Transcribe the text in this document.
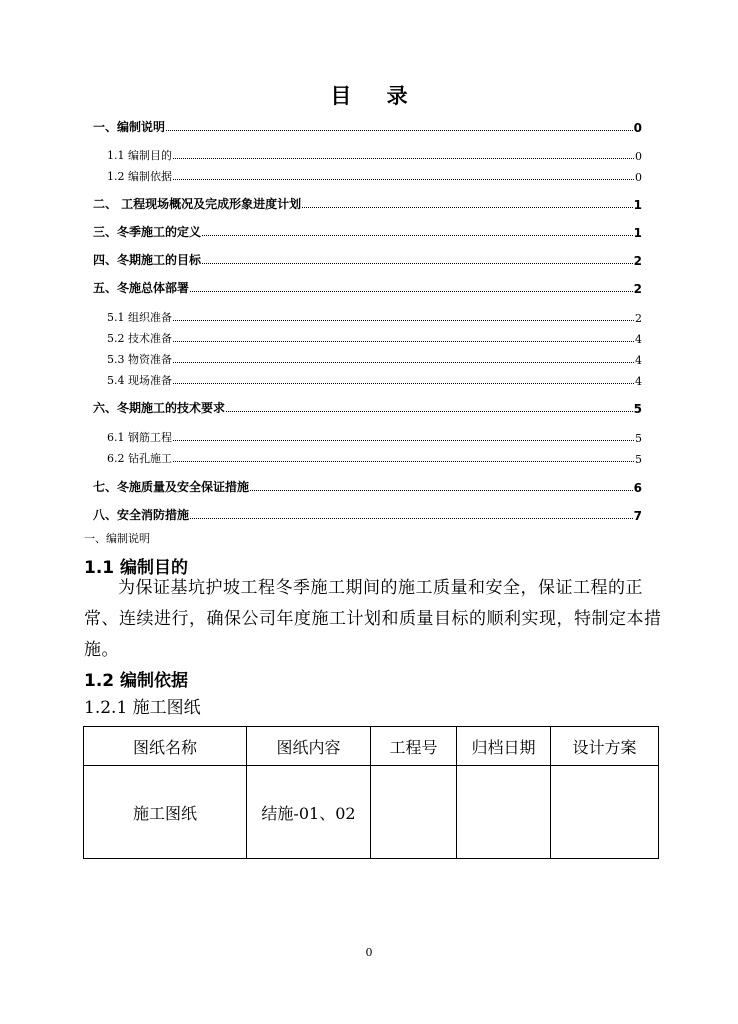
目 录
一、编制说明	0
1.1 编制目的	0
1.2 编制依据	0
二、 工程现场概况及完成形象进度计划	1
三、冬季施工的定义	1
四、冬期施工的目标	2
五、冬施总体部署	2
5.1 组织准备	2
5.2 技术准备	4
5.3 物资准备	4
5.4 现场准备	4
六、冬期施工的技术要求	5
6.1 钢筋工程	5
6.2 钻孔施工	5
七、冬施质量及安全保证措施	6
八、安全消防措施	7
一、编制说明
1.1 编制目的
为保证基坑护坡工程冬季施工期间的施工质量和安全，保证工程的正常、连续进行，确保公司年度施工计划和质量目标的顺利实现，特制定本措施。
1.2 编制依据
1.2.1 施工图纸
图纸名称	图纸内容	工程号	归档日期	设计方案
施工图纸	结施-01、02			
0
